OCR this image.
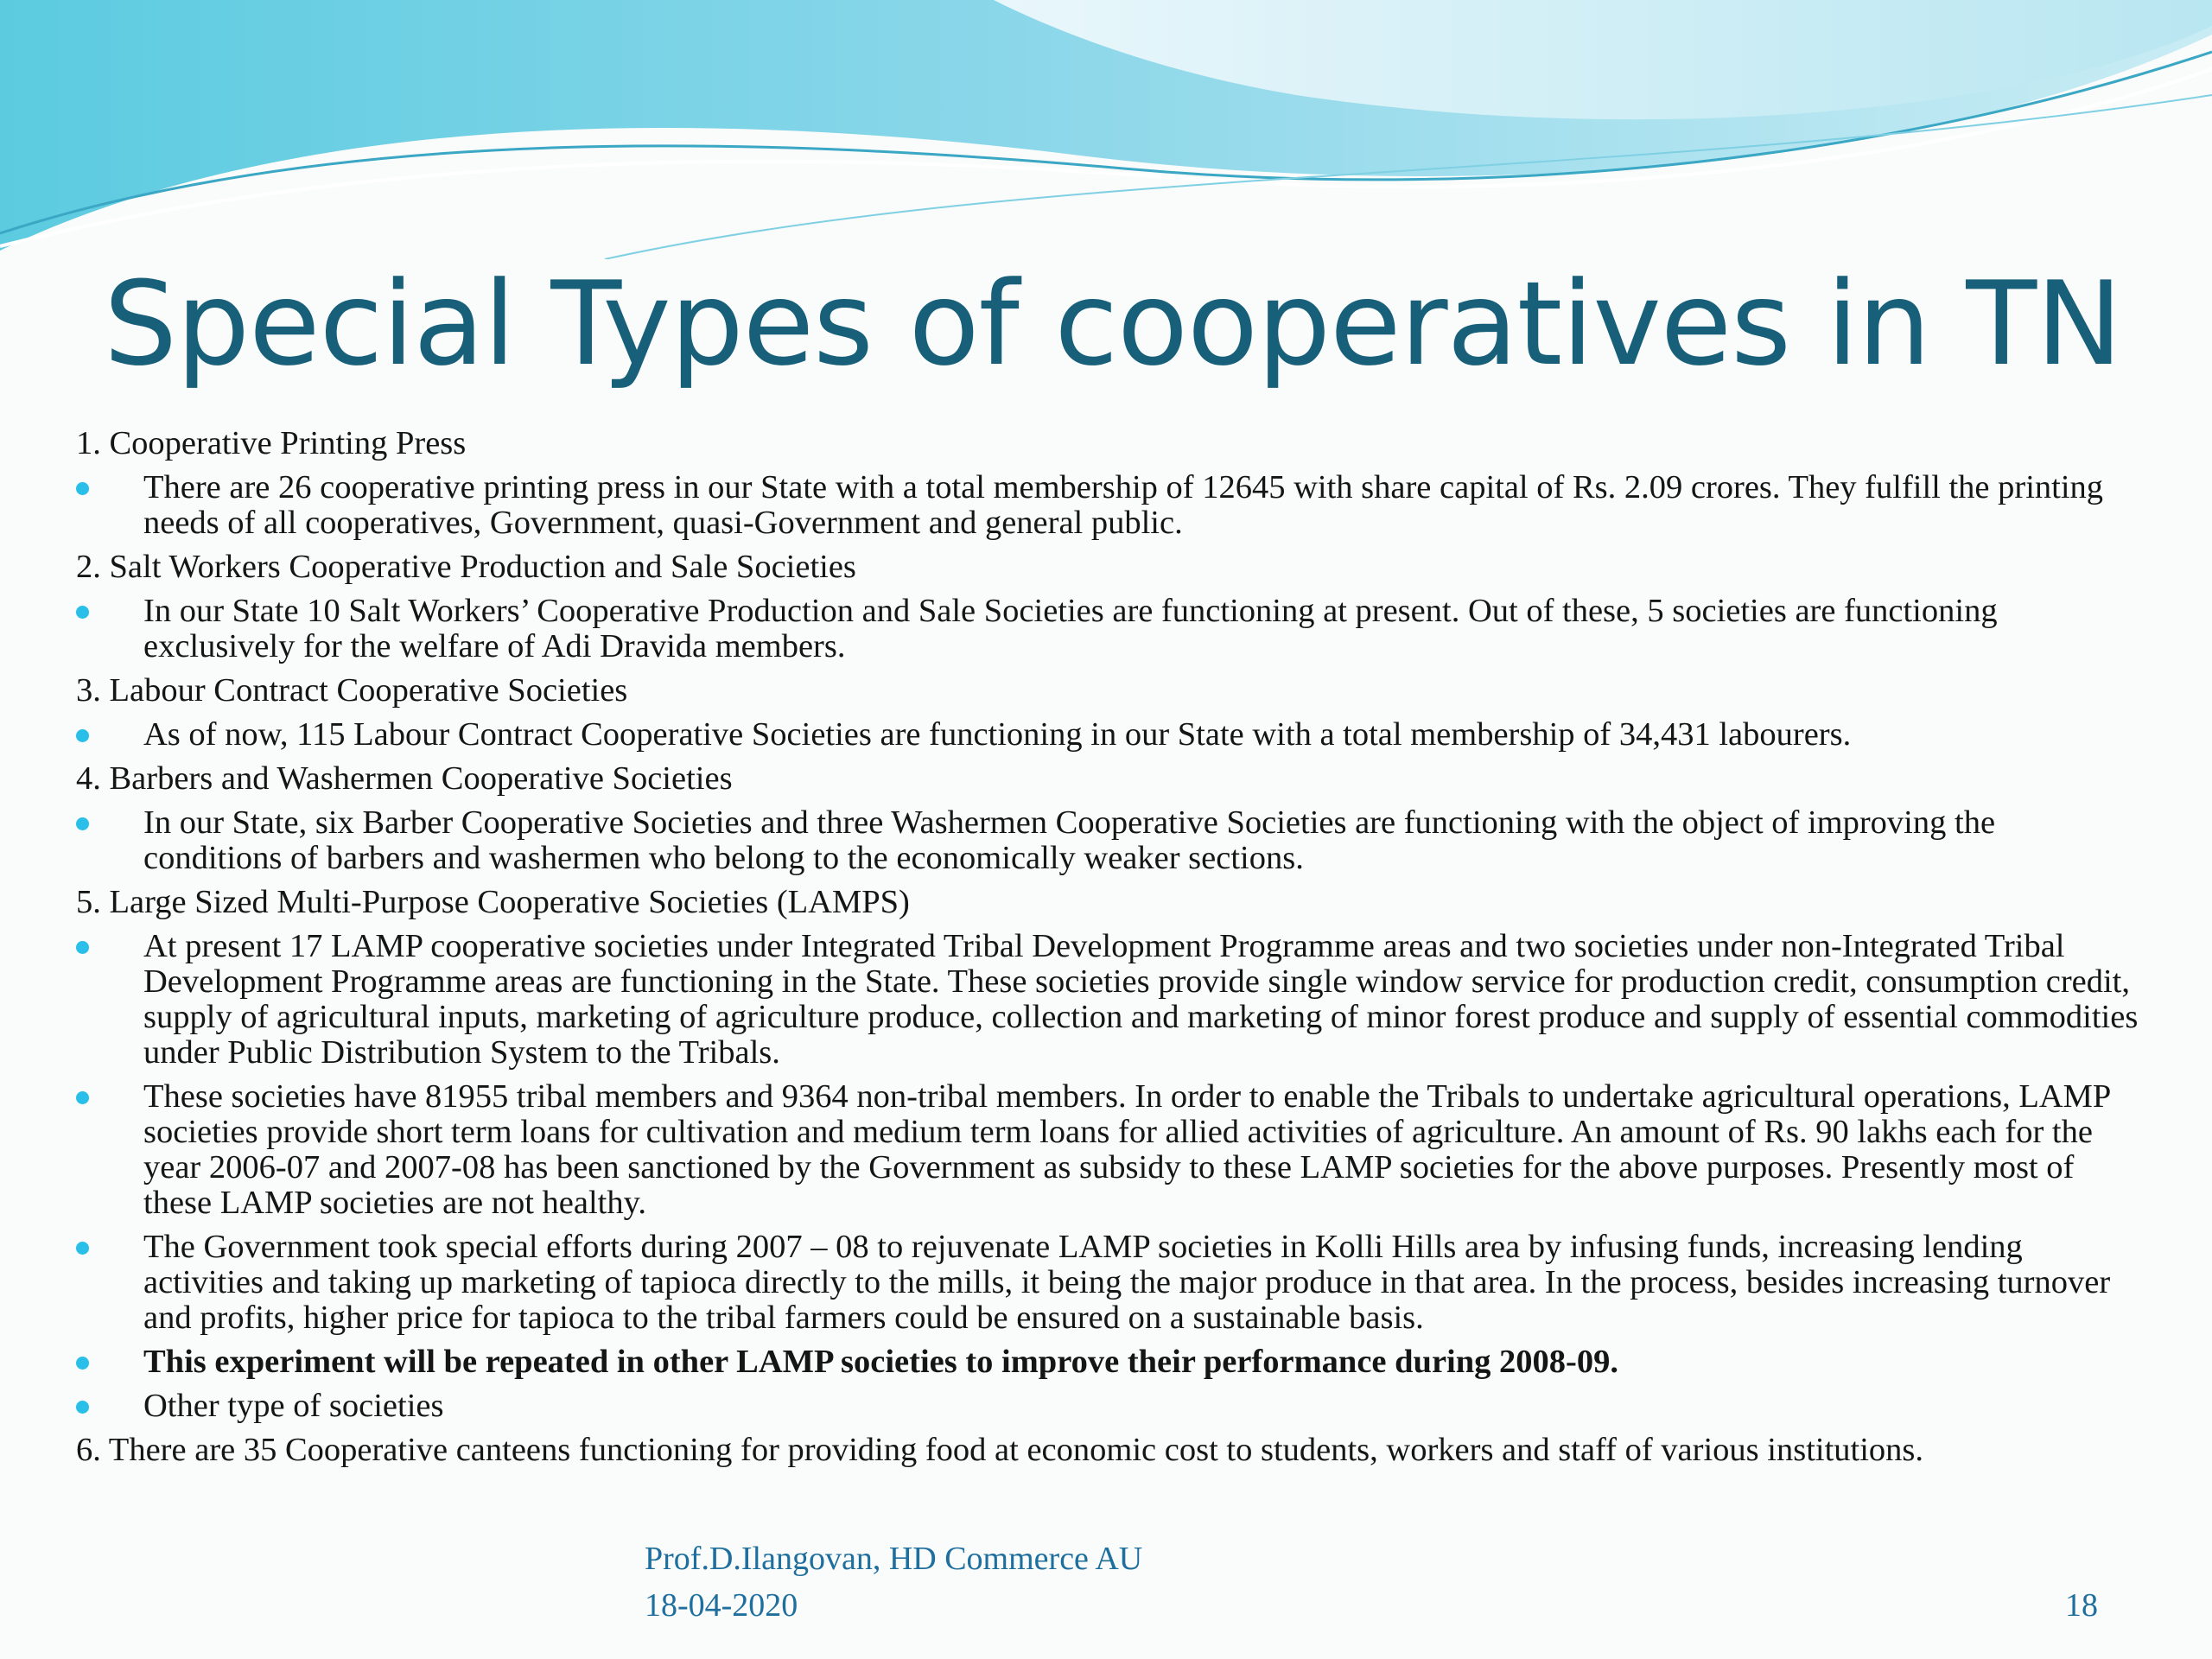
Special Types of cooperatives in TN
1. Cooperative Printing Press
There are 26 cooperative printing press in our State with a total membership of 12645 with share capital of Rs. 2.09 crores. They fulfill the printing needs of all cooperatives, Government, quasi-Government and general public.
2. Salt Workers Cooperative Production and Sale Societies
In our State 10 Salt Workers’ Cooperative Production and Sale Societies are functioning at present. Out of these, 5 societies are functioning exclusively for the welfare of Adi Dravida members.
3. Labour Contract Cooperative Societies
As of now, 115 Labour Contract Cooperative Societies are functioning in our State with a total membership of 34,431 labourers.
4. Barbers and Washermen Cooperative Societies
In our State, six Barber Cooperative Societies and three Washermen Cooperative Societies are functioning with the object of improving the conditions of barbers and washermen who belong to the economically weaker sections.
5. Large Sized Multi-Purpose Cooperative Societies (LAMPS)
At present 17 LAMP cooperative societies under Integrated Tribal Development Programme areas and two societies under non-Integrated Tribal Development Programme areas are functioning in the State. These societies provide single window service for production credit, consumption credit, supply of agricultural inputs, marketing of agriculture produce, collection and marketing of minor forest produce and supply of essential commodities under Public Distribution System to the Tribals.
These societies have 81955 tribal members and 9364 non-tribal members. In order to enable the Tribals to undertake agricultural operations, LAMP societies provide short term loans for cultivation and medium term loans for allied activities of agriculture. An amount of Rs. 90 lakhs each for the year 2006-07 and 2007-08 has been sanctioned by the Government as subsidy to these LAMP societies for the above purposes. Presently most of these LAMP societies are not healthy.
The Government took special efforts during 2007 – 08 to rejuvenate LAMP societies in Kolli Hills area by infusing funds, increasing lending activities and taking up marketing of tapioca directly to the mills, it being the major produce in that area. In the process, besides increasing turnover and profits, higher price for tapioca to the tribal farmers could be ensured on a sustainable basis.
This experiment will be repeated in other LAMP societies to improve their performance during 2008-09.
Other type of societies
6. There are 35 Cooperative canteens functioning for providing food at economic cost to students, workers and staff of various institutions.
Prof.D.Ilangovan, HD Commerce AU
18-04-2020	18
